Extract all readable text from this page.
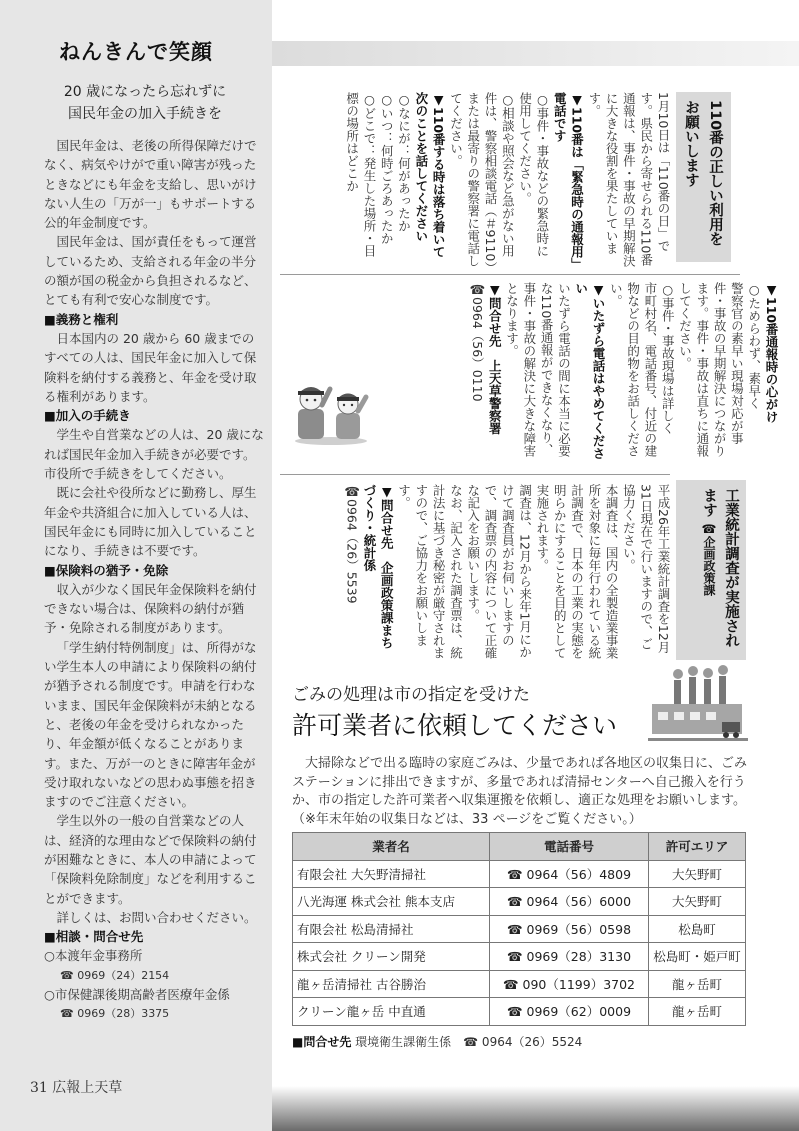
ねんきんで笑顔
20 歳になったら忘れずに
国民年金の加入手続きを

国民年金は、老後の所得保障だけでなく、病気やけがで重い障害が残ったときなどにも年金を支給し、思いがけない人生の「万が一」もサポートする公的年金制度です。

国民年金は、国が責任をもって運営しているため、支給される年金の半分の額が国の税金から負担されるなど、とても有利で安心な制度です。

■義務と権利

日本国内の 20 歳から 60 歳までのすべての人は、国民年金に加入して保険料を納付する義務と、年金を受け取る権利があります。

■加入の手続き

学生や自営業などの人は、20 歳になれば国民年金加入手続きが必要です。市役所で手続きをしてください。

既に会社や役所などに勤務し、厚生年金や共済組合に加入している人は、国民年金にも同時に加入していることになり、手続きは不要です。

■保険料の猶予・免除

収入が少なく国民年金保険料を納付できない場合は、保険料の納付が猶予・免除される制度があります。

「学生納付特例制度」は、所得がない学生本人の申請により保険料の納付が猶予される制度です。申請を行わないまま、国民年金保険料が未納となると、老後の年金を受けられなかったり、年金額が低くなることがあります。また、万が一のときに障害年金が受け取れないなどの思わぬ事態を招きますのでご注意ください。

学生以外の一般の自営業などの人は、経済的な理由などで保険料の納付が困難なときに、本人の申請によって「保険料免除制度」などを利用することができます。

詳しくは、お問い合わせください。

■相談・問合せ先
○本渡年金事務所
☎ 0969（24）2154
○市保健課後期高齢者医療年金係
☎ 0969（28）3375
31 広報上天草
110番の正しい利用をお願いします

1月10日は「110番の日」です。県民から寄せられる110番通報は、事件・事故の早期解決に大きな役割を果たしています。

▼110番は「緊急時の通報用」電話です

○事件・事故などの緊急時に使用してください。

○相談や照会など急がない用件は、警察相談電話（＃9110）または最寄りの警察署に電話してください。

▼110番する時は落ち着いて次のことを話してください

○なにが：何があったか

○いつ：何時ごろあったか

○どこで：発生した場所・目標の場所はどこか

▼110番通報時の心がけ

○ためらわず、素早く

警察官の素早い現場対応が事件・事故の早期解決につながります。事件・事故は直ちに通報してください。

○事件・事故現場は詳しく

市町村名、電話番号、付近の建物などの目的物をお話しください。

▼いたずら電話はやめてください

いたずら電話の間に本当に必要な110番通報ができなくなり、事件・事故の解決に大きな障害となります。

▼問合せ先　上天草警察署

☎0964（56）0110

工業統計調査が実施されます ☎企画政策課

平成26年工業統計調査を12月31日現在で行いますので、ご協力ください。

本調査は、国内の全製造業事業所を対象に毎年行われている統計調査で、日本の工業の実態を明らかにすることを目的として実施されます。

調査は、12月から来年1月にかけて調査員がお伺いしますので、調査票の内容について正確な記入をお願いします。

なお、記入された調査票は、統計法に基づき秘密が厳守されますので、ご協力をお願いします。

▼問合せ先　企画政策課まちづくり・統計係

☎0964（26）5539

ごみの処理は市の指定を受けた
許可業者に依頼してください
大掃除などで出る臨時の家庭ごみは、少量であれば各地区の収集日に、ごみステーションに排出できますが、多量であれば清掃センターへ自己搬入を行うか、市の指定した許可業者へ収集運搬を依頼し、適正な処理をお願いします。（※年末年始の収集日などは、33 ページをご覧ください。）
業者名	電話番号	許可エリア
有限会社 大矢野清掃社	☎ 0964（56）4809	大矢野町
八光海運 株式会社 熊本支店	☎ 0964（56）6000	大矢野町
有限会社 松島清掃社	☎ 0969（56）0598	松島町
株式会社 クリーン開発	☎ 0969（28）3130	松島町・姫戸町
龍ヶ岳清掃社 古谷勝治	☎ 090（1199）3702	龍ヶ岳町
クリーン龍ヶ岳 中直通	☎ 0969（62）0009	龍ヶ岳町
■問合せ先 環境衛生課衛生係　☎ 0964（26）5524
